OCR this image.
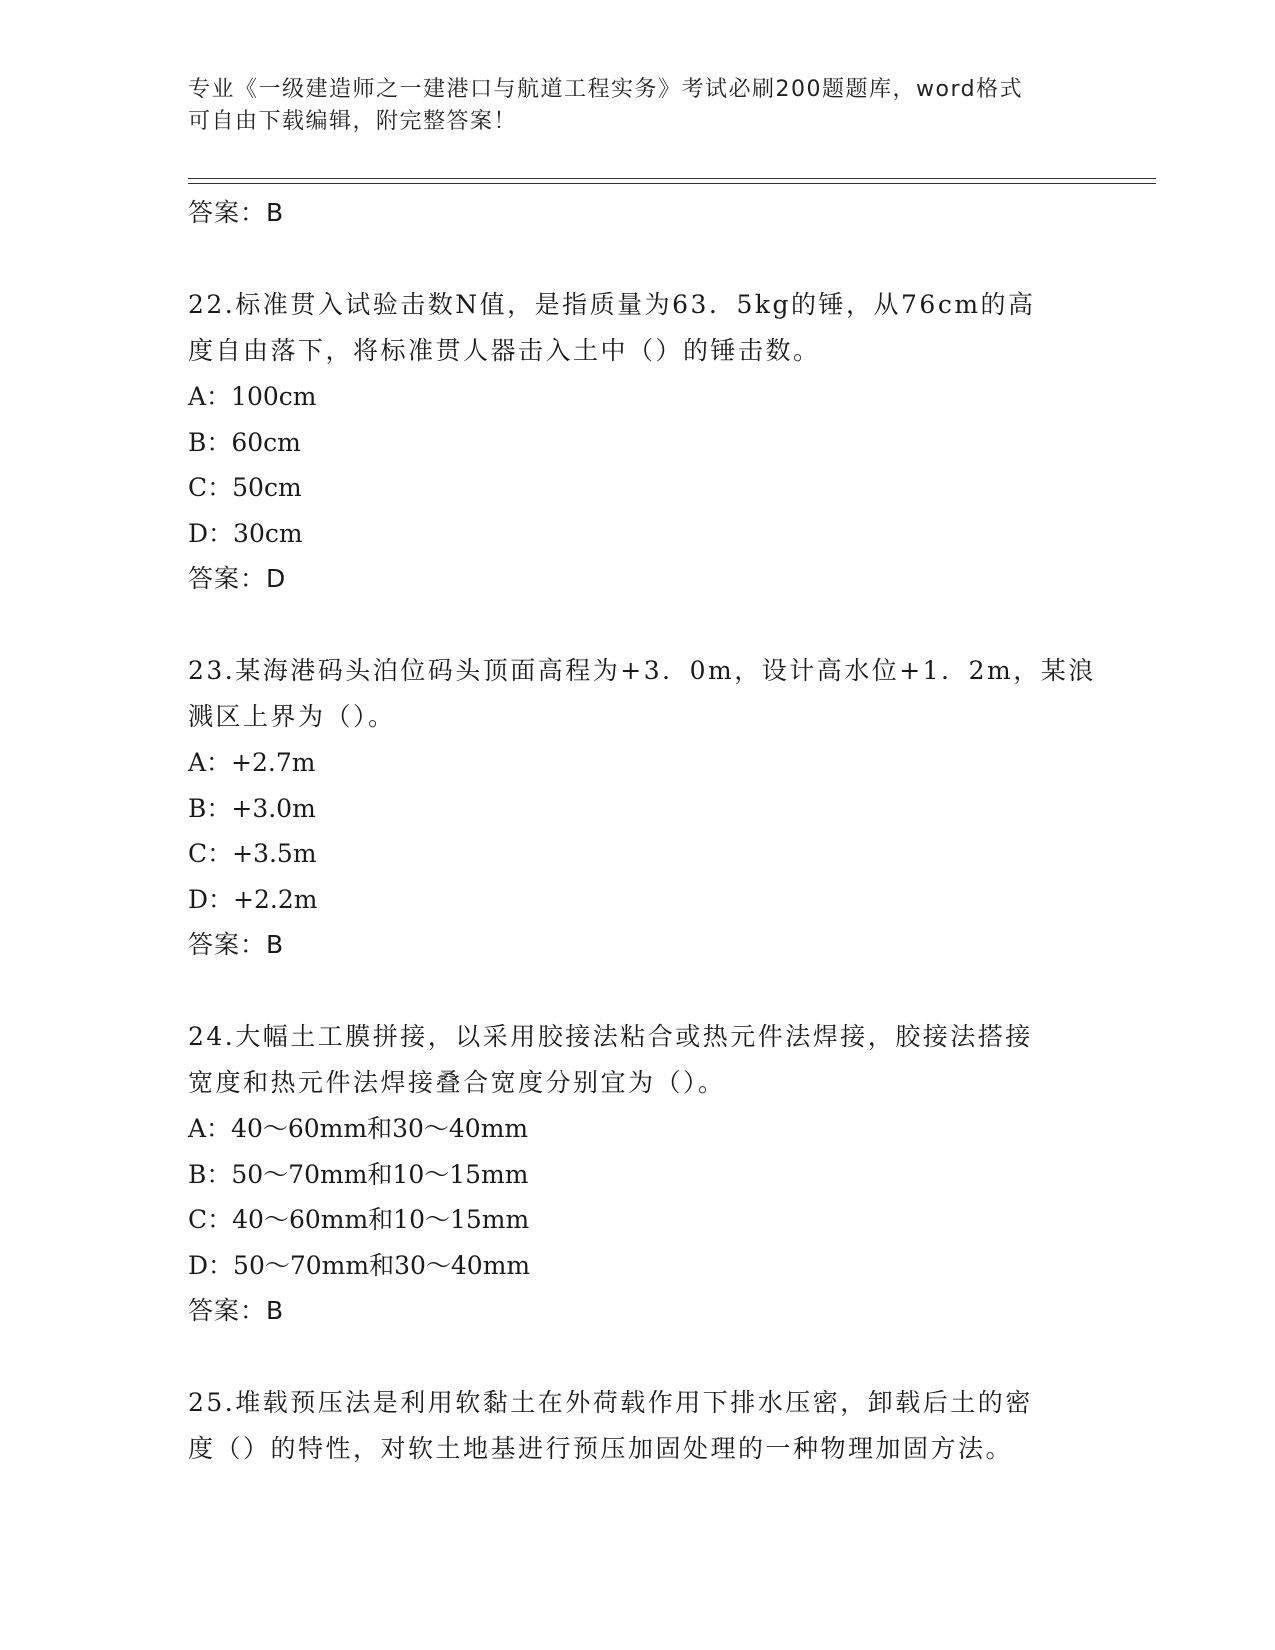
专业《一级建造师之一建港口与航道工程实务》考试必刷200题题库，word格式
可自由下载编辑，附完整答案！
答案：B
22.标准贯入试验击数N值，是指质量为63．5kg的锤，从76cm的高
度自由落下，将标准贯人器击入土中（）的锤击数。
A：100cm
B：60cm
C：50cm
D：30cm
答案：D
23.某海港码头泊位码头顶面高程为+3．0m，设计高水位+1．2m，某浪
溅区上界为（）。
A：+2.7m
B：+3.0m
C：+3.5m
D：+2.2m
答案：B
24.大幅土工膜拼接，以采用胶接法粘合或热元件法焊接，胶接法搭接
宽度和热元件法焊接叠合宽度分别宜为（）。
A：40～60mm和30～40mm
B：50～70mm和10～15mm
C：40～60mm和10～15mm
D：50～70mm和30～40mm
答案：B
25.堆载预压法是利用软黏土在外荷载作用下排水压密，卸载后土的密
度（）的特性，对软土地基进行预压加固处理的一种物理加固方法。
